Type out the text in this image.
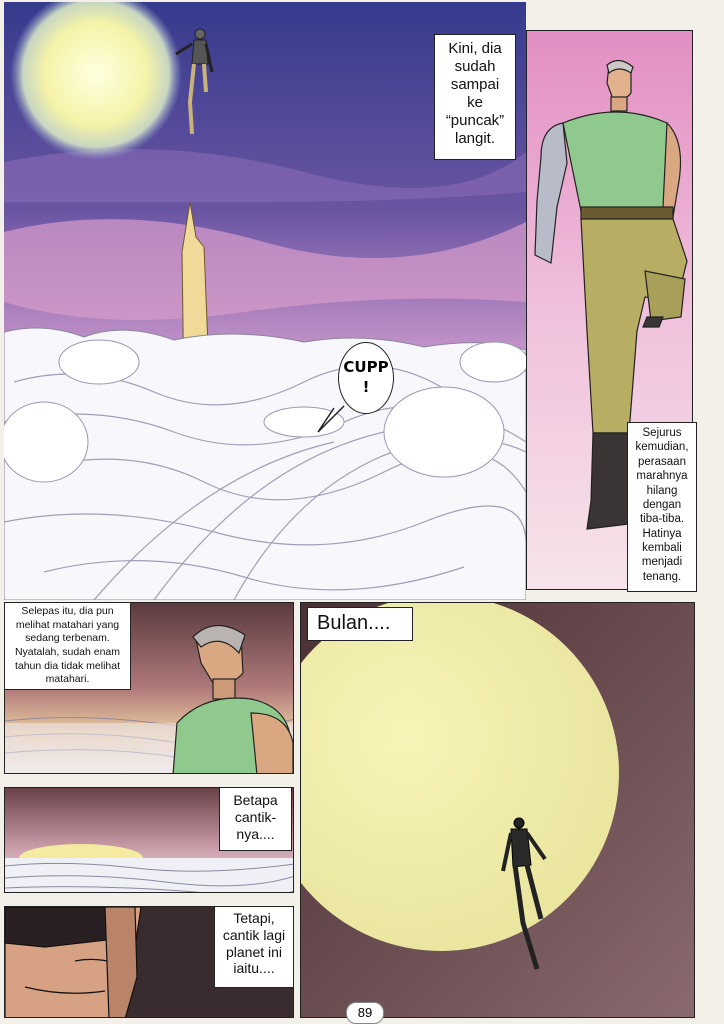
CUPP
!
Kini, dia
sudah
sampai
ke
“puncak”
langit.
Sejurus
kemudian,
perasaan
marahnya
hilang
dengan
tiba-tiba.
Hatinya
kembali
menjadi
tenang.
Selepas itu, dia pun
melihat matahari yang
sedang terbenam.
Nyatalah, sudah enam
tahun dia tidak melihat
matahari.
Betapa
cantik-
nya....
Tetapi,
cantik lagi
planet ini
iaitu....
Bulan....
89
